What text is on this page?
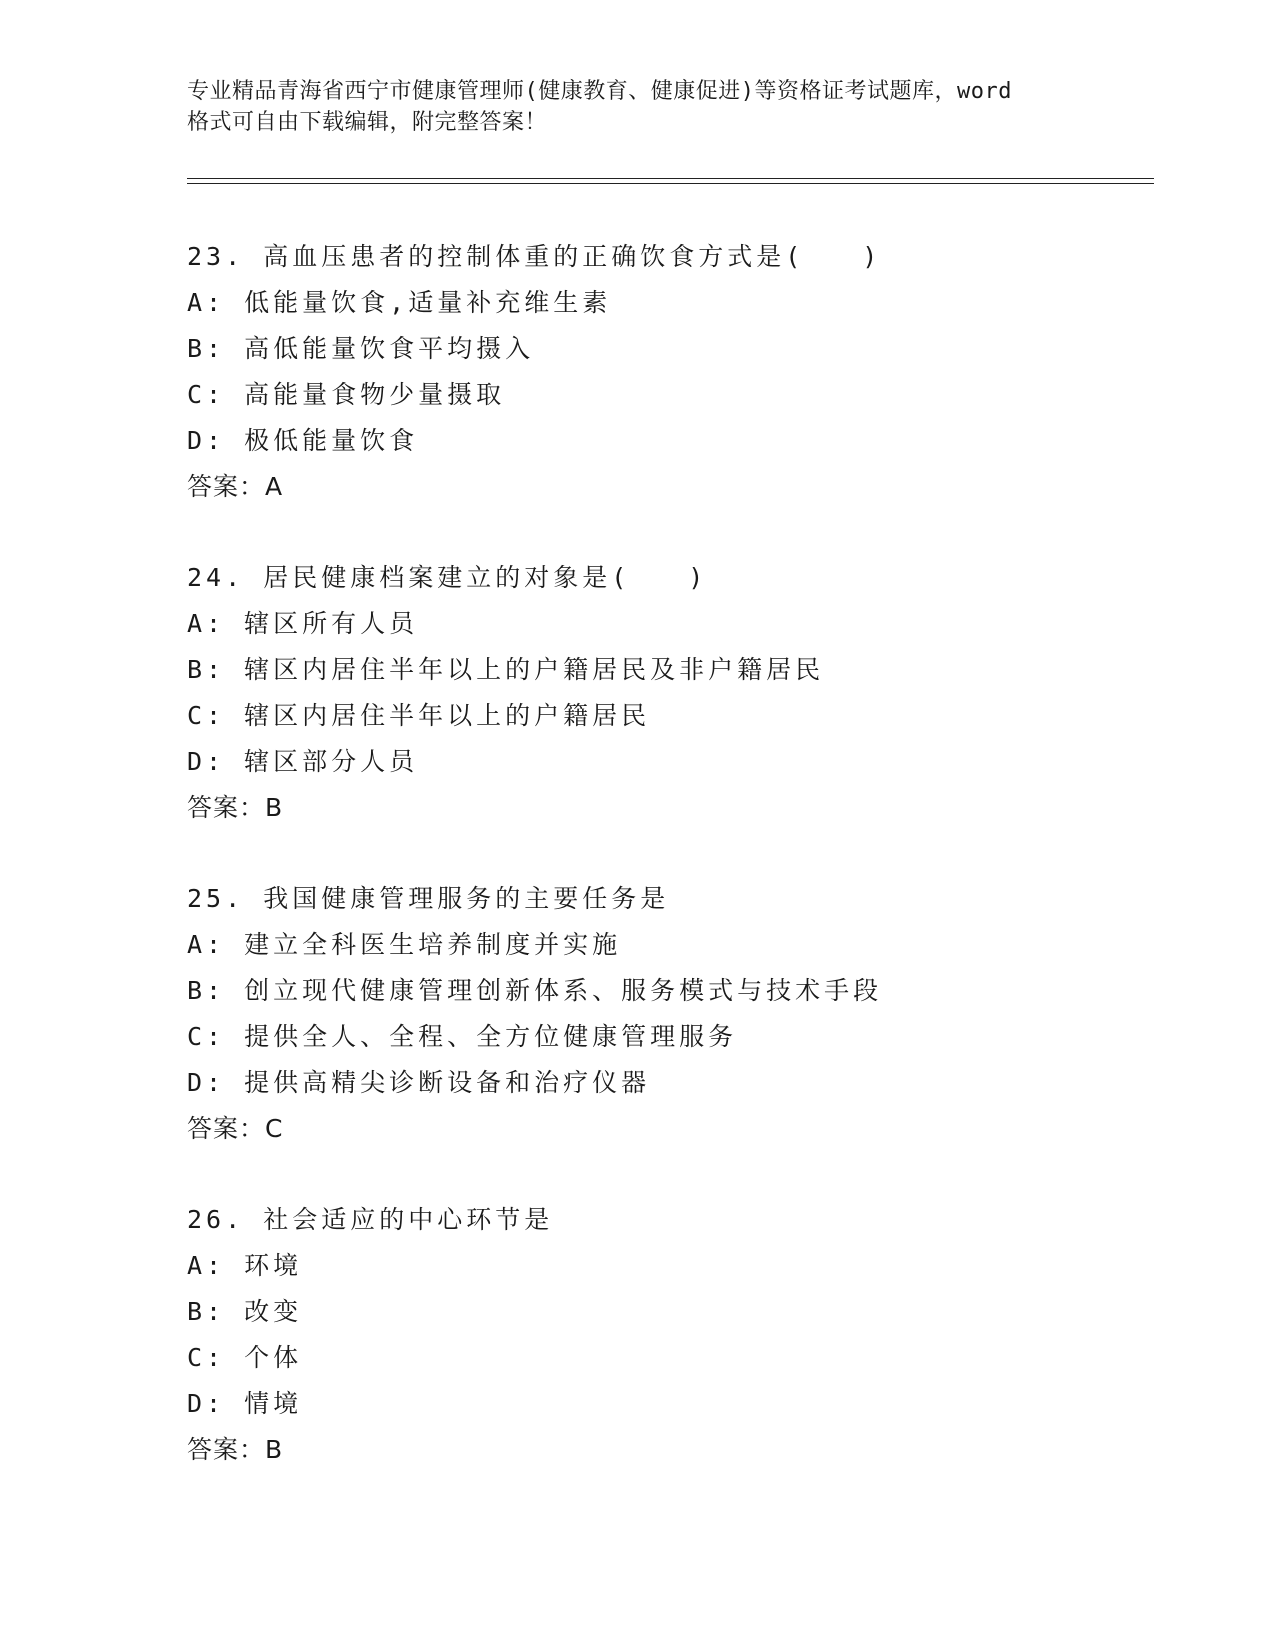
专业精品青海省西宁市健康管理师(健康教育、健康促进)等资格证考试题库，word
格式可自由下载编辑，附完整答案！
23. 高血压患者的控制体重的正确饮食方式是(　　)
A: 低能量饮食,适量补充维生素
B: 高低能量饮食平均摄入
C: 高能量食物少量摄取
D: 极低能量饮食
答案：A
24. 居民健康档案建立的对象是(　　)
A: 辖区所有人员
B: 辖区内居住半年以上的户籍居民及非户籍居民
C: 辖区内居住半年以上的户籍居民
D: 辖区部分人员
答案：B
25. 我国健康管理服务的主要任务是
A: 建立全科医生培养制度并实施
B: 创立现代健康管理创新体系、服务模式与技术手段
C: 提供全人、全程、全方位健康管理服务
D: 提供高精尖诊断设备和治疗仪器
答案：C
26. 社会适应的中心环节是
A: 环境
B: 改变
C: 个体
D: 情境
答案：B
